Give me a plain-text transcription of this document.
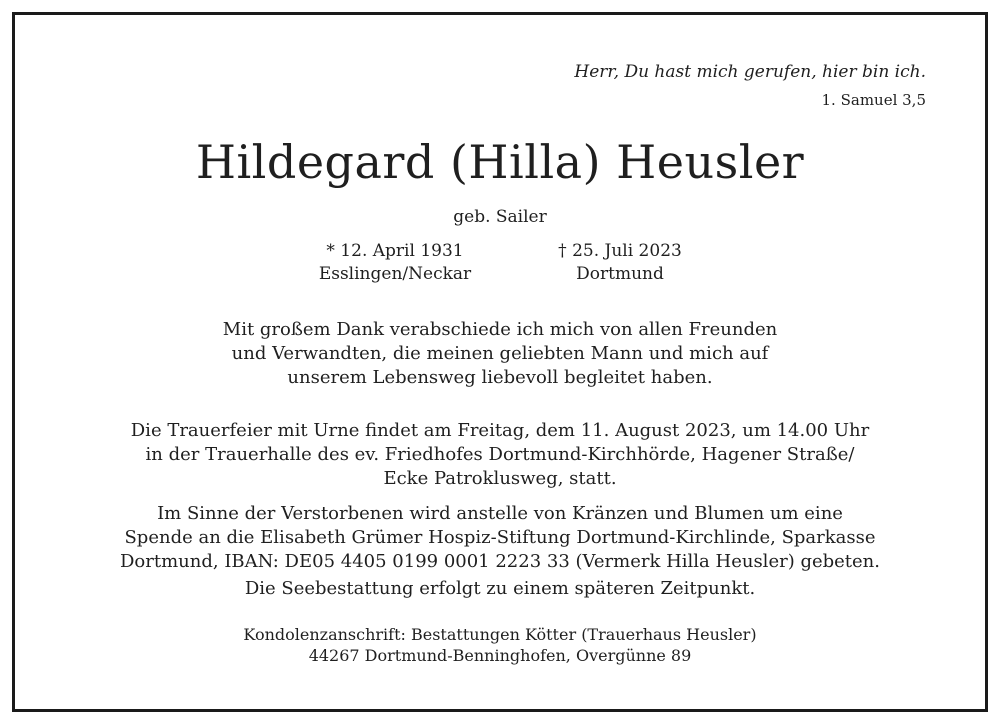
Herr, Du hast mich gerufen, hier bin ich.
1. Samuel 3,5
Hildegard (Hilla) Heusler
geb. Sailer
* 12. April 1931
Esslingen/Neckar
† 25. Juli 2023
Dortmund
Mit großem Dank verabschiede ich mich von allen Freunden
und Verwandten, die meinen geliebten Mann und mich auf
unserem Lebensweg liebevoll begleitet haben.
Die Trauerfeier mit Urne findet am Freitag, dem 11. August 2023, um 14.00 Uhr
in der Trauerhalle des ev. Friedhofes Dortmund-Kirchhörde, Hagener Straße/
Ecke Patroklusweg, statt.
Im Sinne der Verstorbenen wird anstelle von Kränzen und Blumen um eine
Spende an die Elisabeth Grümer Hospiz-Stiftung Dortmund-Kirchlinde, Sparkasse
Dortmund, IBAN: DE05 4405 0199 0001 2223 33 (Vermerk Hilla Heusler) gebeten.
Die Seebestattung erfolgt zu einem späteren Zeitpunkt.
Kondolenzanschrift: Bestattungen Kötter (Trauerhaus Heusler)
44267 Dortmund-Benninghofen, Overgünne 89
